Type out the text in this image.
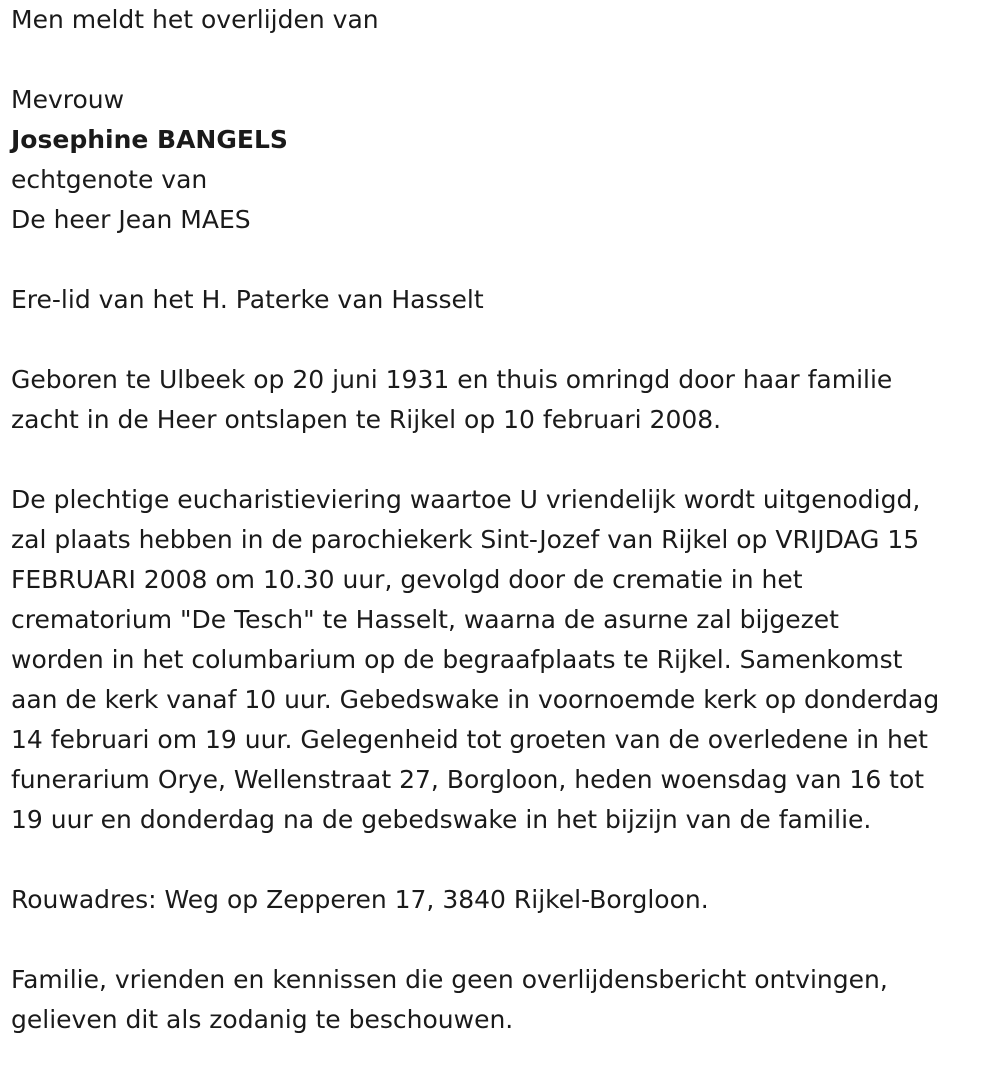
Men meldt het overlijden van
Mevrouw
Josephine BANGELS
echtgenote van
De heer Jean MAES
Ere-lid van het H. Paterke van Hasselt
Geboren te Ulbeek op 20 juni 1931 en thuis omringd door haar familie
zacht in de Heer ontslapen te Rijkel op 10 februari 2008.
De plechtige eucharistieviering waartoe U vriendelijk wordt uitgenodigd,
zal plaats hebben in de parochiekerk Sint-Jozef van Rijkel op VRIJDAG 15
FEBRUARI 2008 om 10.30 uur, gevolgd door de crematie in het
crematorium "De Tesch" te Hasselt, waarna de asurne zal bijgezet
worden in het columbarium op de begraafplaats te Rijkel. Samenkomst
aan de kerk vanaf 10 uur. Gebedswake in voornoemde kerk op donderdag
14 februari om 19 uur. Gelegenheid tot groeten van de overledene in het
funerarium Orye, Wellenstraat 27, Borgloon, heden woensdag van 16 tot
19 uur en donderdag na de gebedswake in het bijzijn van de familie.
Rouwadres: Weg op Zepperen 17, 3840 Rijkel-Borgloon.
Familie, vrienden en kennissen die geen overlijdensbericht ontvingen,
gelieven dit als zodanig te beschouwen.
